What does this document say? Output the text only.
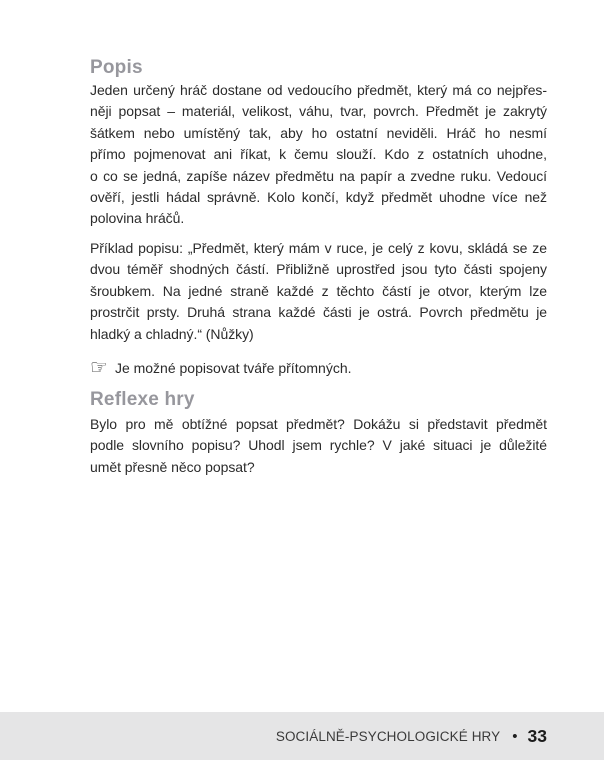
Popis
Jeden určený hráč dostane od vedoucího předmět, který má co nejpřes-
něji popsat – materiál, velikost, váhu, tvar, povrch. Předmět je zakrytý
šátkem nebo umístěný tak, aby ho ostatní neviděli. Hráč ho nesmí
přímo pojmenovat ani říkat, k čemu slouží. Kdo z ostatních uhodne,
o co se jedná, zapíše název předmětu na papír a zvedne ruku. Vedoucí
ověří, jestli hádal správně. Kolo končí, když předmět uhodne více než
polovina hráčů.
Příklad popisu: „Předmět, který mám v ruce, je celý z kovu, skládá se ze
dvou téměř shodných částí. Přibližně uprostřed jsou tyto části spojeny
šroubkem. Na jedné straně každé z těchto částí je otvor, kterým lze
prostrčit prsty. Druhá strana každé části je ostrá. Povrch předmětu je
hladký a chladný.“ (Nůžky)
☞ Je možné popisovat tváře přítomných.
Reflexe hry
Bylo pro mě obtížné popsat předmět? Dokážu si představit předmět
podle slovního popisu? Uhodl jsem rychle? V jaké situaci je důležité
umět přesně něco popsat?
SOCIÁLNĚ-PSYCHOLOGICKÉ HRY • 33
